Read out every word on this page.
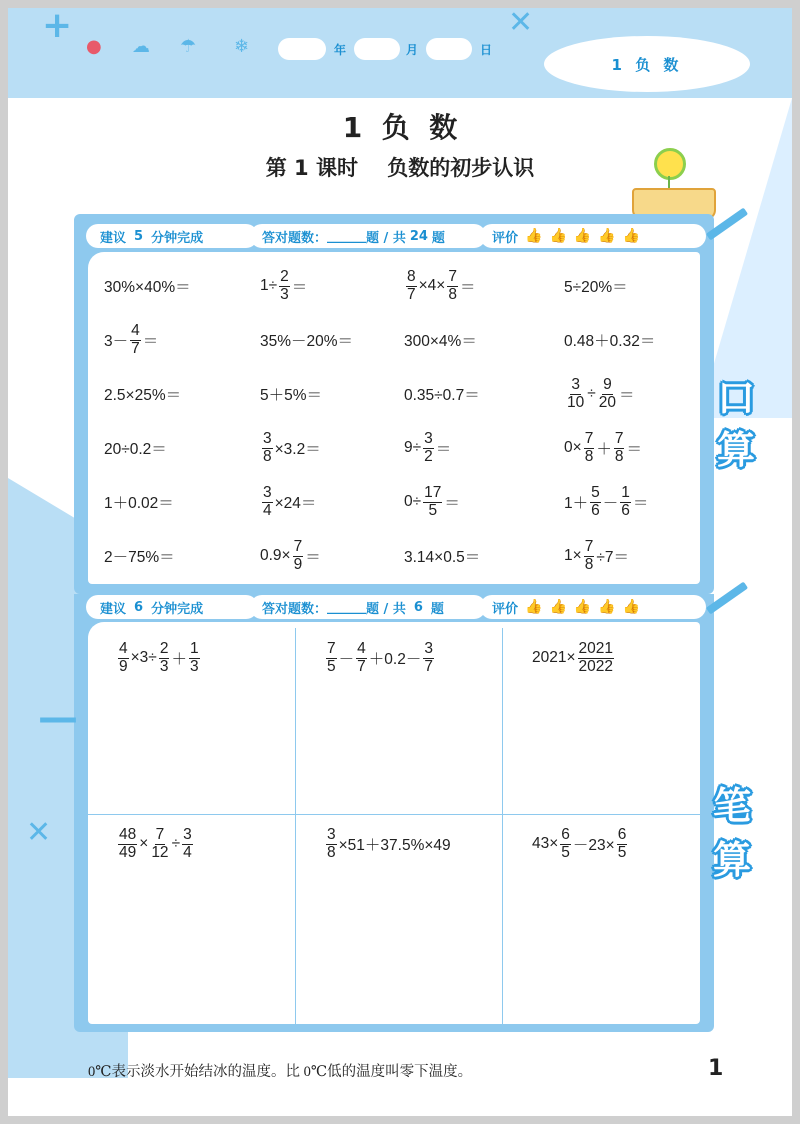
+	✕
● ☁ ☂ ❄	年	月	日
1 负 数
1  负  数
第 1 课时    负数的初步认识
建议 5 分钟完成	答对题数： ______ 题 / 共 24 题	评价 👍 👍 👍 👍 👍
30%×40%＝	$1\div \frac{2}{3}$ ＝	$\frac{8}{7} \times 4\times \frac{7}{8}$ ＝	5÷20%＝
$3- \frac{4}{7}$ ＝	35%－20%＝	300×4%＝	0.48＋0.32＝
2.5×25%＝	5＋5%＝	0.35÷0.7＝	$\frac{3}{10} \div \frac{9}{20}$ ＝
20÷0.2＝	$\frac{3}{8} \times 3.2=$	$9\div \frac{3}{2}$ ＝	$0\times \frac{7}{8} + \frac{7}{8}$ ＝
1＋0.02＝	$\frac{3}{4} \times 24=$	$0\div \frac{17}{5}$ ＝	$1+ \frac{5}{6} - \frac{1}{6}$ ＝
2－75%＝	$0.9\times \frac{7}{9}$ ＝	3.14×0.5＝	$1\times \frac{7}{8} \div 7=$
口
算
建议 6 分钟完成	答对题数： ______ 题 / 共 6 题	评价 👍 👍 👍 👍 👍
$\frac{4}{9} \times 3\div \frac{2}{3} + \frac{1}{3}$	$\frac{7}{5} - \frac{4}{7} +0.2- \frac{3}{7}$	$2021\times \frac{2021}{2022}$
$\frac{48}{49} \times \frac{7}{12} \div \frac{3}{4}$	$\frac{3}{8} \times 51+37.5\%\times 49$	$43\times \frac{6}{5} -23\times \frac{6}{5}$
笔
算
—
✕
0℃表示淡水开始结冰的温度。比 0℃低的温度叫零下温度。	1
